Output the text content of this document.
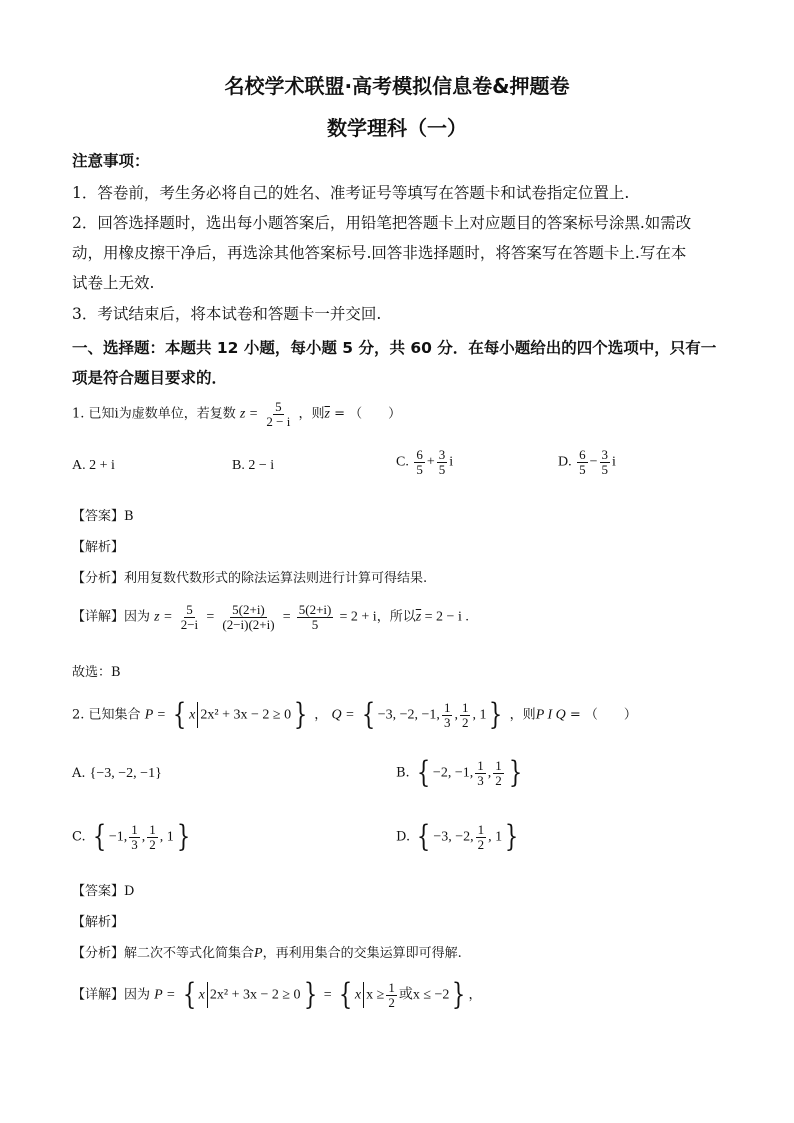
名校学术联盟·高考模拟信息卷&押题卷
数学理科（一）
注意事项：
1．答卷前，考生务必将自己的姓名、准考证号等填写在答题卡和试卷指定位置上.
2．回答选择题时，选出每小题答案后，用铅笔把答题卡上对应题目的答案标号涂黑.如需改
动，用橡皮擦干净后，再选涂其他答案标号.回答非选择题时，将答案写在答题卡上.写在本
试卷上无效.
3．考试结束后，将本试卷和答题卡一并交回.
一、选择题：本题共 12 小题，每小题 5 分，共 60 分．在每小题给出的四个选项中，只有一
项是符合题目要求的．
1. 已知i为虚数单位，若复数 $z = \frac{5}{2 - i}$ ，则$\overline{z}$ = （　　）
A. 2 + i	B. 2 − i	C. $\frac{6}{5} + \frac{3}{5}$ i	D. $\frac{6}{5} - \frac{3}{5}$ i
【答案】B
【解析】
【分析】利用复数代数形式的除法运算法则进行计算可得结果.
【详解】因为 $z = \frac{5}{2-i} = \frac{5(2+i)}{(2-i)(2+i)} = \frac{5(2+i)}{5} = 2 + i$，所以$\overline{z} = 2 - i$ .
故选：B
2. 已知集合 P = { x 2x² + 3x − 2 ≥ 0} ， Q = { −3, −2, −1, $\frac{1}{3}$ , $\frac{1}{2}$ , 1} ，则P I Q = （　　）
A. {−3, −2, −1}	B. { −2, −1, $\frac{1}{3}$ , $\frac{1}{2}$ }
C. { −1, $\frac{1}{3}$ , $\frac{1}{2}$ , 1}	D. { −3, −2, $\frac{1}{2}$ , 1}
【答案】D
【解析】
【分析】解二次不等式化简集合P，再利用集合的交集运算即可得解.
【详解】因为 P = { x 2x² + 3x − 2 ≥ 0} = { x $x \ge \frac{1}{2}$ 或x ≤ −2} ，
